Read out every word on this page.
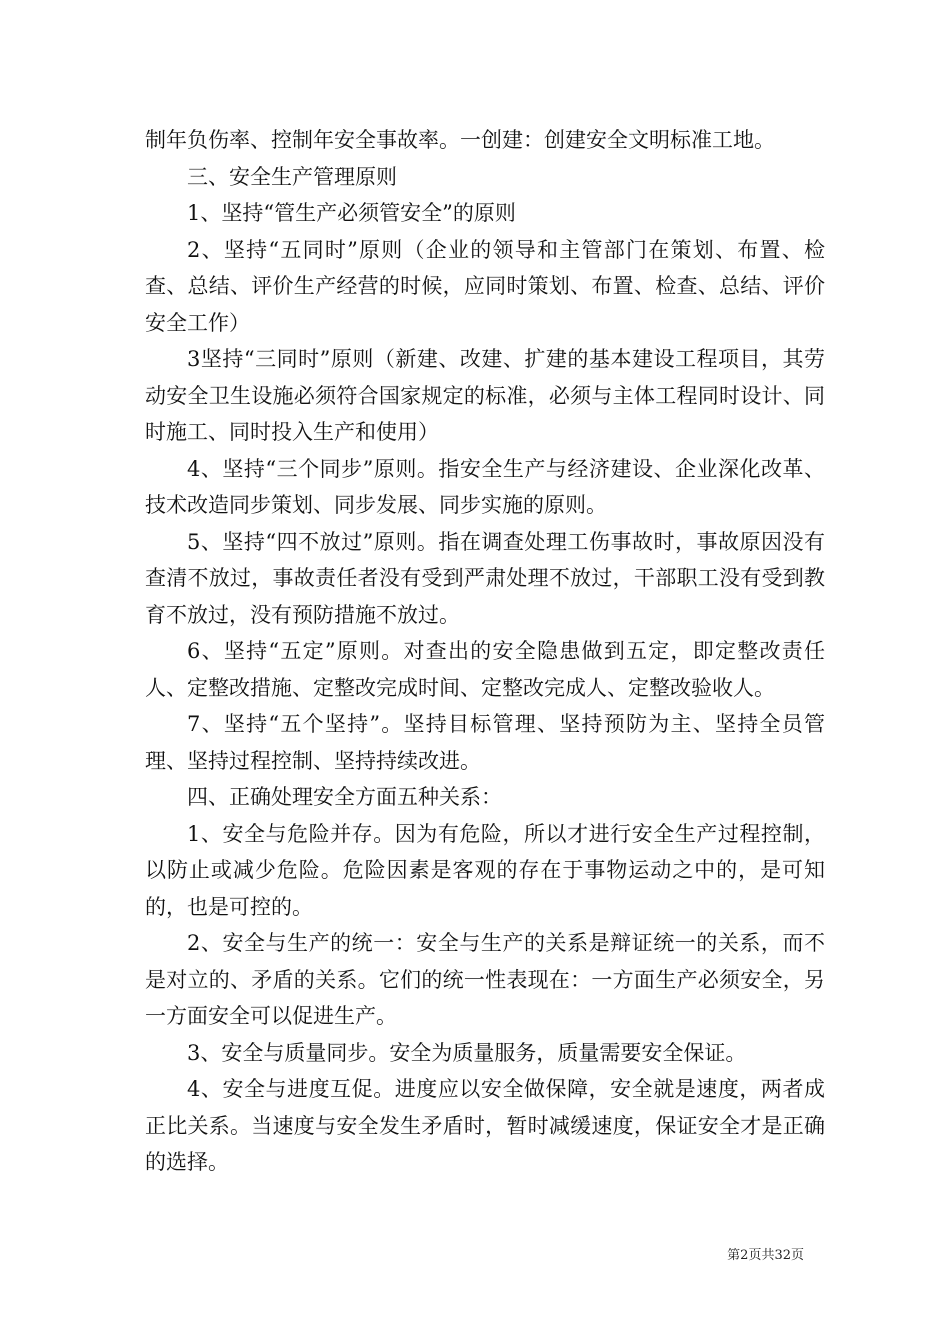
制年负伤率、控制年安全事故率。一创建：创建安全文明标准工地。

三、安全生产管理原则

1、坚持“管生产必须管安全”的原则

2、坚持“五同时”原则（企业的领导和主管部门在策划、布置、检查、总结、评价生产经营的时候，应同时策划、布置、检查、总结、评价安全工作）

3坚持“三同时”原则（新建、改建、扩建的基本建设工程项目，其劳动安全卫生设施必须符合国家规定的标准，必须与主体工程同时设计、同时施工、同时投入生产和使用）

4、坚持“三个同步”原则。指安全生产与经济建设、企业深化改革、技术改造同步策划、同步发展、同步实施的原则。

5、坚持“四不放过”原则。指在调查处理工伤事故时，事故原因没有查清不放过，事故责任者没有受到严肃处理不放过，干部职工没有受到教育不放过，没有预防措施不放过。

6、坚持“五定”原则。对查出的安全隐患做到五定，即定整改责任人、定整改措施、定整改完成时间、定整改完成人、定整改验收人。

7、坚持“五个坚持”。坚持目标管理、坚持预防为主、坚持全员管理、坚持过程控制、坚持持续改进。

四、正确处理安全方面五种关系：

1、安全与危险并存。因为有危险，所以才进行安全生产过程控制，以防止或减少危险。危险因素是客观的存在于事物运动之中的，是可知的，也是可控的。

2、安全与生产的统一：安全与生产的关系是辩证统一的关系，而不是对立的、矛盾的关系。它们的统一性表现在：一方面生产必须安全，另一方面安全可以促进生产。

3、安全与质量同步。安全为质量服务，质量需要安全保证。

4、安全与进度互促。进度应以安全做保障，安全就是速度，两者成正比关系。当速度与安全发生矛盾时，暂时减缓速度，保证安全才是正确的选择。

第2页共32页
